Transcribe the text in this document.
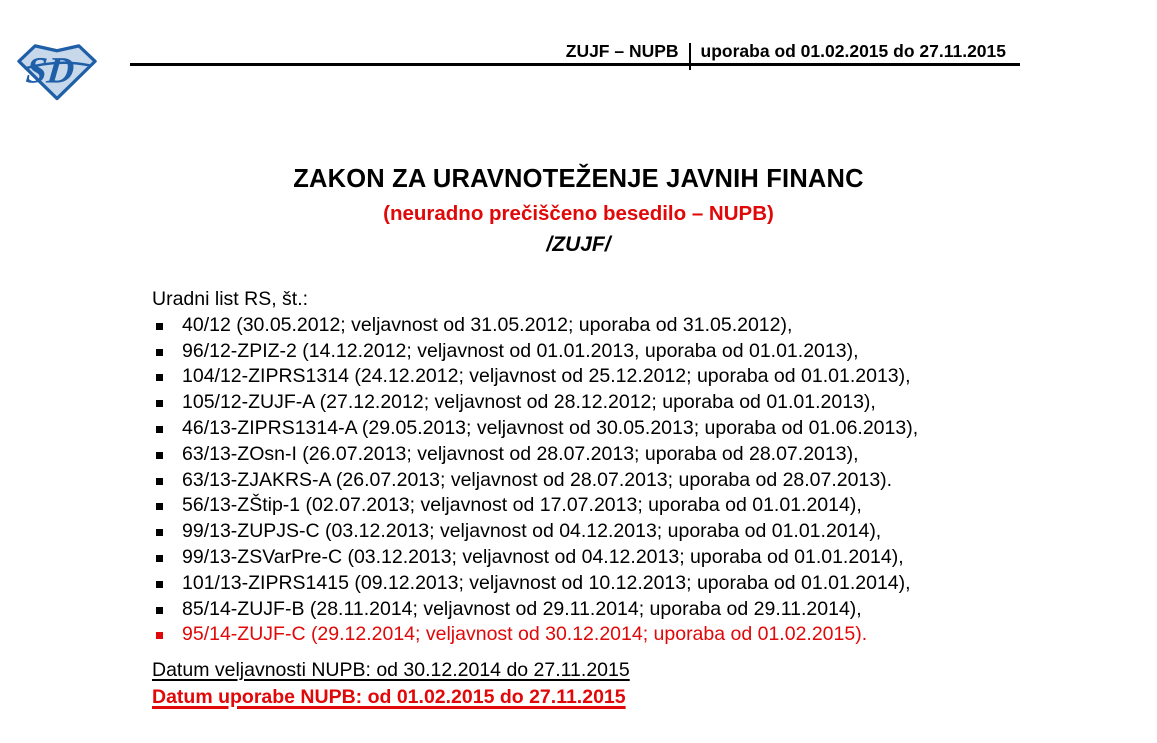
SD	ZUJF – NUPB uporaba od 01.02.2015 do 27.11.2015
ZAKON ZA URAVNOTEŽENJE JAVNIH FINANC
(neuradno prečiščeno besedilo – NUPB)
/ZUJF/
Uradni list RS, št.:
40/12 (30.05.2012; veljavnost od 31.05.2012; uporaba od 31.05.2012),
96/12-ZPIZ-2 (14.12.2012; veljavnost od 01.01.2013, uporaba od 01.01.2013),
104/12-ZIPRS1314 (24.12.2012; veljavnost od 25.12.2012; uporaba od 01.01.2013),
105/12-ZUJF-A (27.12.2012; veljavnost od 28.12.2012; uporaba od 01.01.2013),
46/13-ZIPRS1314-A (29.05.2013; veljavnost od 30.05.2013; uporaba od 01.06.2013),
63/13-ZOsn-I (26.07.2013; veljavnost od 28.07.2013; uporaba od 28.07.2013),
63/13-ZJAKRS-A (26.07.2013; veljavnost od 28.07.2013; uporaba od 28.07.2013).
56/13-ZŠtip-1 (02.07.2013; veljavnost od 17.07.2013; uporaba od 01.01.2014),
99/13-ZUPJS-C (03.12.2013; veljavnost od 04.12.2013; uporaba od 01.01.2014),
99/13-ZSVarPre-C (03.12.2013; veljavnost od 04.12.2013; uporaba od 01.01.2014),
101/13-ZIPRS1415 (09.12.2013; veljavnost od 10.12.2013; uporaba od 01.01.2014),
85/14-ZUJF-B (28.11.2014; veljavnost od 29.11.2014; uporaba od 29.11.2014),
95/14-ZUJF-C (29.12.2014; veljavnost od 30.12.2014; uporaba od 01.02.2015).
Datum veljavnosti NUPB: od 30.12.2014 do 27.11.2015
Datum uporabe NUPB: od 01.02.2015 do 27.11.2015
